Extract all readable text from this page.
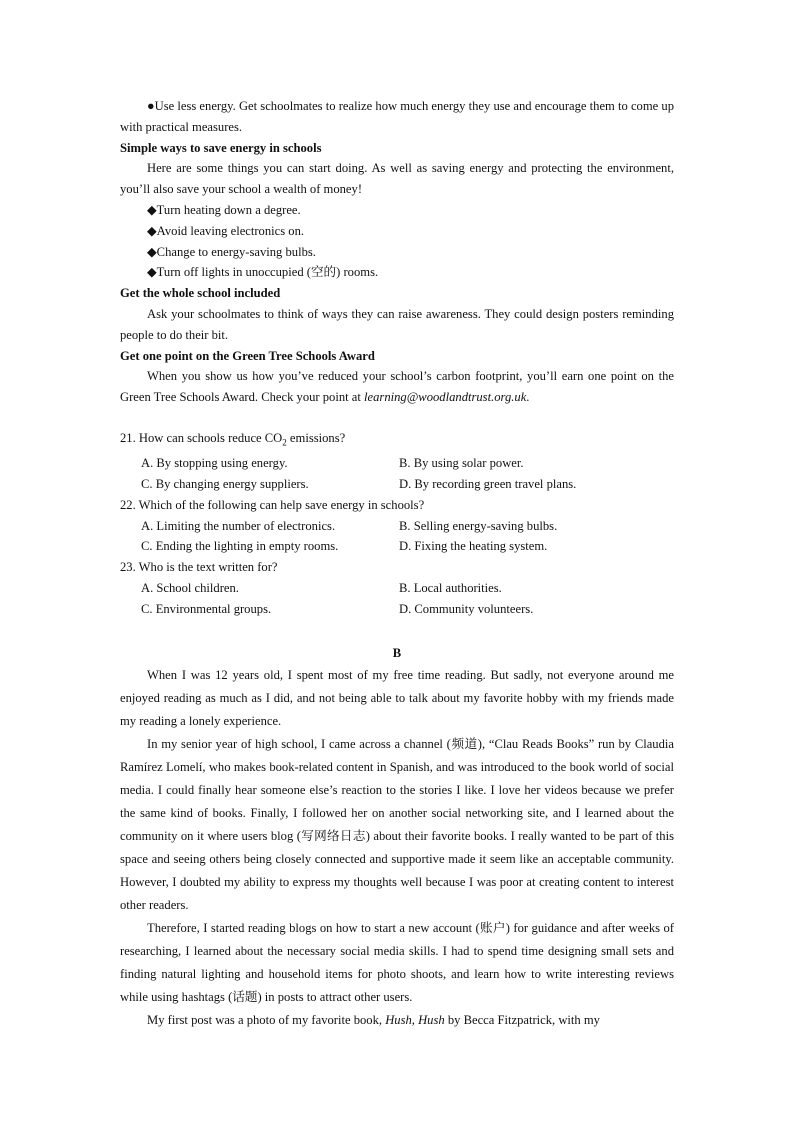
●Use less energy. Get schoolmates to realize how much energy they use and encourage them to come up with practical measures.

Simple ways to save energy in schools

Here are some things you can start doing. As well as saving energy and protecting the environment, you’ll also save your school a wealth of money!

◆Turn heating down a degree.

◆Avoid leaving electronics on.

◆Change to energy-saving bulbs.

◆Turn off lights in unoccupied (空的) rooms.

Get the whole school included

Ask your schoolmates to think of ways they can raise awareness. They could design posters reminding people to do their bit.

Get one point on the Green Tree Schools Award

When you show us how you’ve reduced your school’s carbon footprint, you’ll earn one point on the Green Tree Schools Award. Check your point at learning@woodlandtrust.org.uk.

21. How can schools reduce $CO_2$ emissions?

A. By stopping using energy.	B. By using solar power.
C. By changing energy suppliers.	D. By recording green travel plans.

22. Which of the following can help save energy in schools?

A. Limiting the number of electronics.	B. Selling energy-saving bulbs.
C. Ending the lighting in empty rooms.	D. Fixing the heating system.

23. Who is the text written for?

A. School children.	B. Local authorities.
C. Environmental groups.	D. Community volunteers.
B

When I was 12 years old, I spent most of my free time reading. But sadly, not everyone around me enjoyed reading as much as I did, and not being able to talk about my favorite hobby with my friends made my reading a lonely experience.

In my senior year of high school, I came across a channel (频道), “Clau Reads Books” run by Claudia Ramírez Lomelí, who makes book-related content in Spanish, and was introduced to the book world of social media. I could finally hear someone else’s reaction to the stories I like. I love her videos because we prefer the same kind of books. Finally, I followed her on another social networking site, and I learned about the community on it where users blog (写网络日志) about their favorite books. I really wanted to be part of this space and seeing others being closely connected and supportive made it seem like an acceptable community. However, I doubted my ability to express my thoughts well because I was poor at creating content to interest other readers.

Therefore, I started reading blogs on how to start a new account (账户) for guidance and after weeks of researching, I learned about the necessary social media skills. I had to spend time designing small sets and finding natural lighting and household items for photo shoots, and learn how to write interesting reviews while using hashtags (话题) in posts to attract other users.

My first post was a photo of my favorite book, Hush, Hush by Becca Fitzpatrick, with my
